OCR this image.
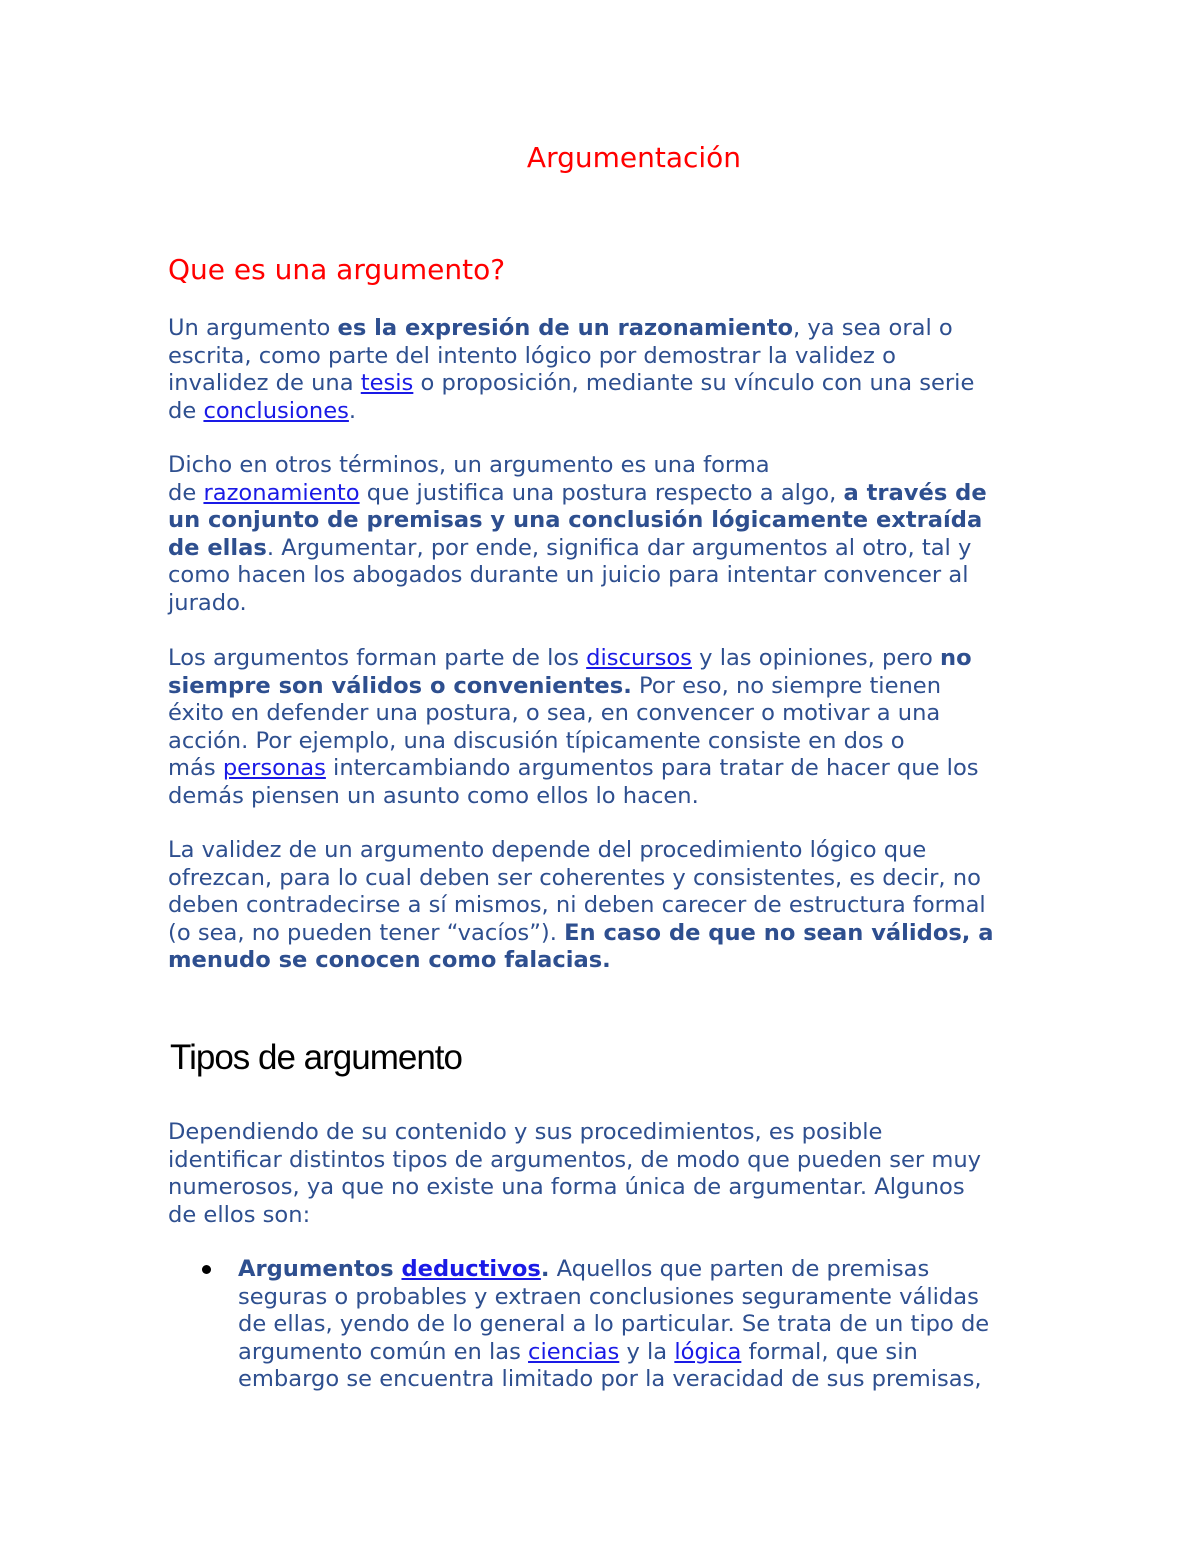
Argumentación
Que es una argumento?

Un argumento es la expresión de un razonamiento, ya sea oral o
escrita, como parte del intento lógico por demostrar la validez o
invalidez de una tesis o proposición, mediante su vínculo con una serie
de conclusiones.

Dicho en otros términos, un argumento es una forma
de razonamiento que justifica una postura respecto a algo, a través de
un conjunto de premisas y una conclusión lógicamente extraída
de ellas. Argumentar, por ende, significa dar argumentos al otro, tal y
como hacen los abogados durante un juicio para intentar convencer al
jurado.

Los argumentos forman parte de los discursos y las opiniones, pero no
siempre son válidos o convenientes. Por eso, no siempre tienen
éxito en defender una postura, o sea, en convencer o motivar a una
acción. Por ejemplo, una discusión típicamente consiste en dos o
más personas intercambiando argumentos para tratar de hacer que los
demás piensen un asunto como ellos lo hacen.

La validez de un argumento depende del procedimiento lógico que
ofrezcan, para lo cual deben ser coherentes y consistentes, es decir, no
deben contradecirse a sí mismos, ni deben carecer de estructura formal
(o sea, no pueden tener “vacíos”). En caso de que no sean válidos, a
menudo se conocen como falacias.

Tipos de argumento

Dependiendo de su contenido y sus procedimientos, es posible
identificar distintos tipos de argumentos, de modo que pueden ser muy
numerosos, ya que no existe una forma única de argumentar. Algunos
de ellos son:

Argumentos deductivos. Aquellos que parten de premisas
seguras o probables y extraen conclusiones seguramente válidas
de ellas, yendo de lo general a lo particular. Se trata de un tipo de
argumento común en las ciencias y la lógica formal, que sin
embargo se encuentra limitado por la veracidad de sus premisas,
